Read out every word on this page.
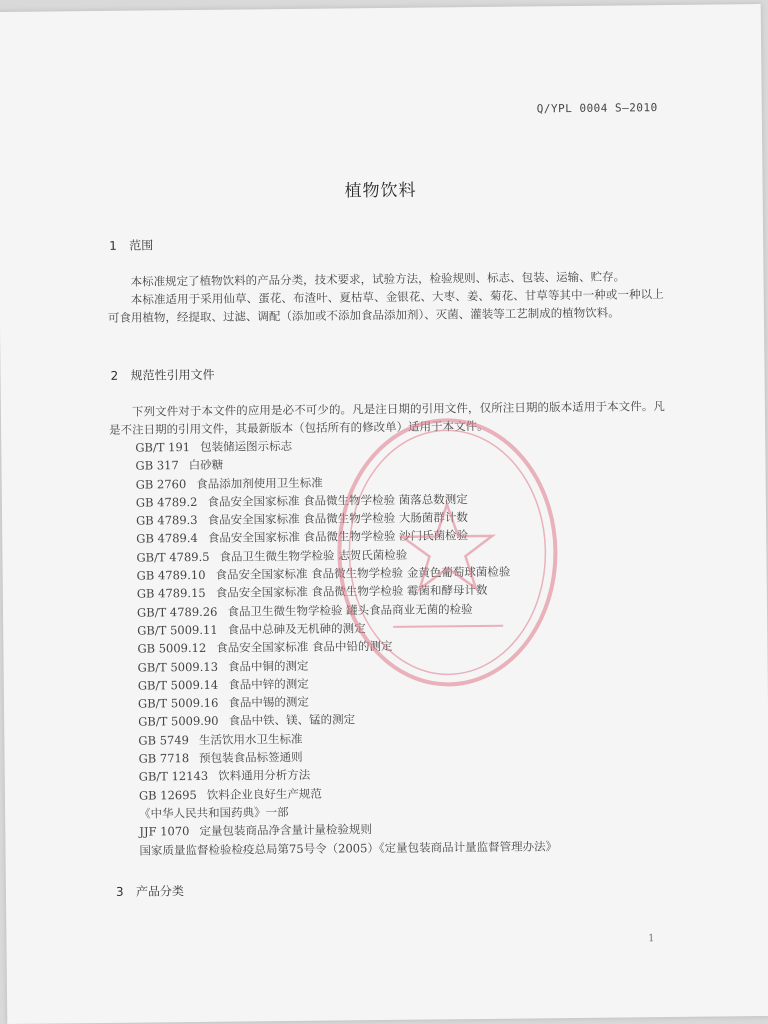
Q/YPL 0004 S—2010
植物饮料
1 范围
本标准规定了植物饮料的产品分类，技术要求，试验方法，检验规则、标志、包装、运输、贮存。
本标准适用于采用仙草、蛋花、布渣叶、夏枯草、金银花、大枣、姜、菊花、甘草等其中一种或一种以上可食用植物，经提取、过滤、调配（添加或不添加食品添加剂）、灭菌、灌装等工艺制成的植物饮料。
2 规范性引用文件
下列文件对于本文件的应用是必不可少的。凡是注日期的引用文件，仅所注日期的版本适用于本文件。凡是不注日期的引用文件，其最新版本（包括所有的修改单）适用于本文件。
GB/T 191 包装储运图示标志
GB 317 白砂糖
GB 2760 食品添加剂使用卫生标准
GB 4789.2 食品安全国家标准 食品微生物学检验 菌落总数测定
GB 4789.3 食品安全国家标准 食品微生物学检验 大肠菌群计数
GB 4789.4 食品安全国家标准 食品微生物学检验 沙门氏菌检验
GB/T 4789.5 食品卫生微生物学检验 志贺氏菌检验
GB 4789.10 食品安全国家标准 食品微生物学检验 金黄色葡萄球菌检验
GB 4789.15 食品安全国家标准 食品微生物学检验 霉菌和酵母计数
GB/T 4789.26 食品卫生微生物学检验 罐头食品商业无菌的检验
GB/T 5009.11 食品中总砷及无机砷的测定
GB 5009.12 食品安全国家标准 食品中铅的测定
GB/T 5009.13 食品中铜的测定
GB/T 5009.14 食品中锌的测定
GB/T 5009.16 食品中锡的测定
GB/T 5009.90 食品中铁、镁、锰的测定
GB 5749 生活饮用水卫生标准
GB 7718 预包装食品标签通则
GB/T 12143 饮料通用分析方法
GB 12695 饮料企业良好生产规范
《中华人民共和国药典》一部
JJF 1070 定量包装商品净含量计量检验规则
国家质量监督检验检疫总局第75号令（2005）《定量包装商品计量监督管理办法》
3 产品分类
1
